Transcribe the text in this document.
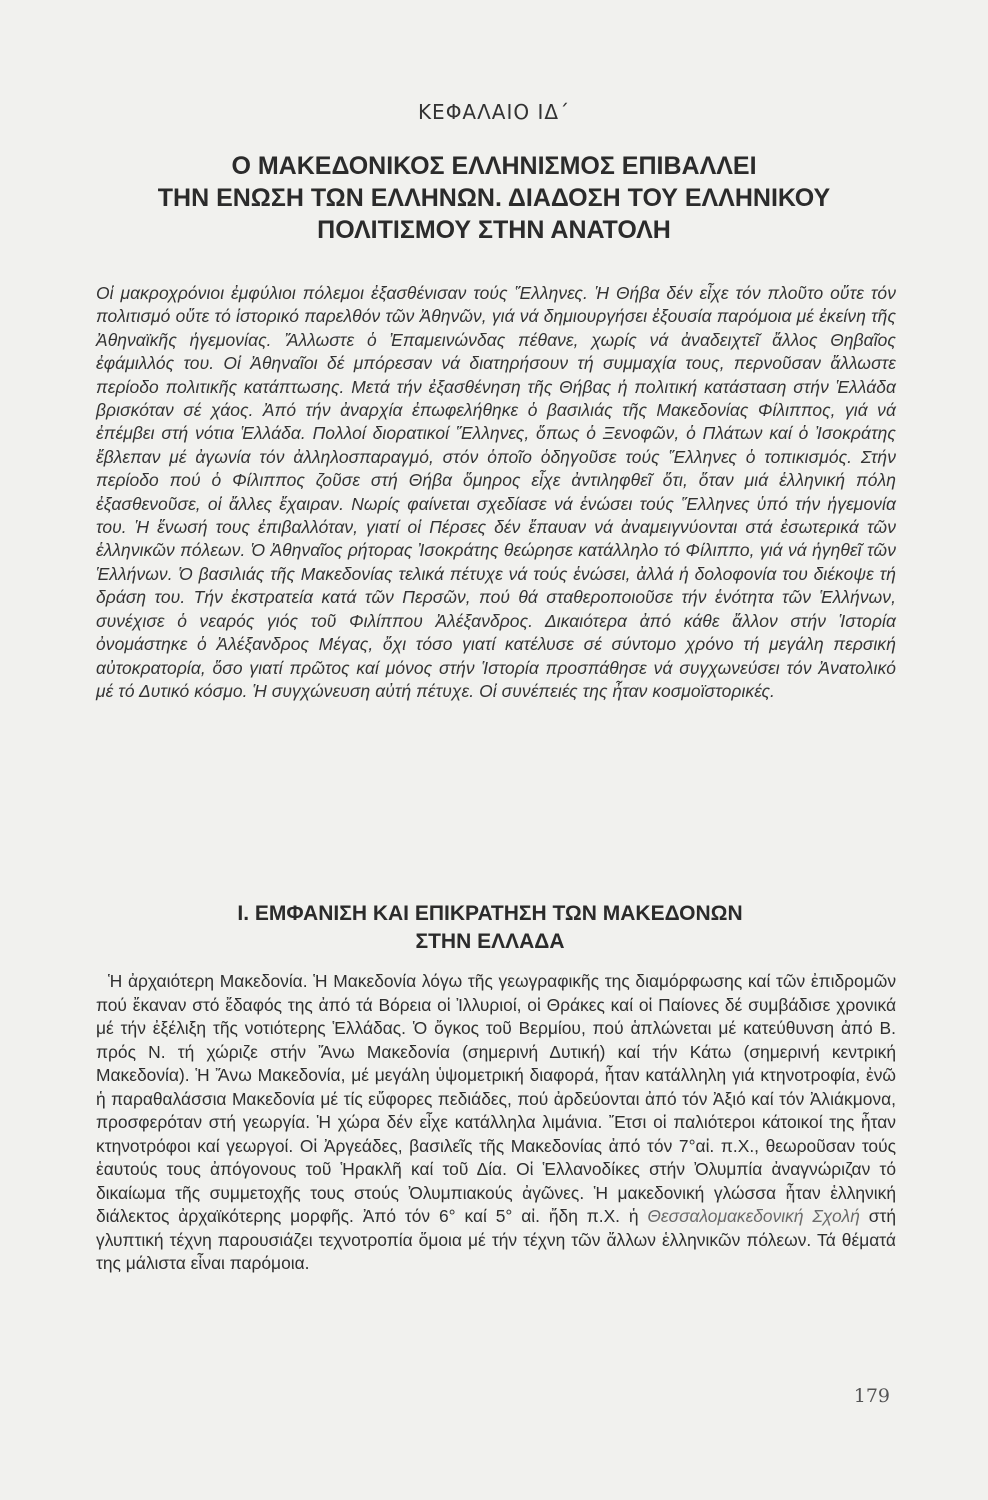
ΚΕΦΑΛΑΙΟ ΙΔ΄
Ο ΜΑΚΕΔΟΝΙΚΟΣ ΕΛΛΗΝΙΣΜΟΣ ΕΠΙΒΑΛΛΕΙ
ΤΗΝ ΕΝΩΣΗ ΤΩΝ ΕΛΛΗΝΩΝ. ΔΙΑΔΟΣΗ ΤΟΥ ΕΛΛΗΝΙΚΟΥ
ΠΟΛΙΤΙΣΜΟΥ ΣΤΗΝ ΑΝΑΤΟΛΗ
Οἱ μακροχρόνιοι ἐμφύλιοι πόλεμοι ἐξασθένισαν τούς Ἕλληνες. Ἡ Θήβα δέν εἶχε τόν πλοῦτο οὔτε τόν πολιτισμό οὔτε τό ἱστορικό παρελθόν τῶν Ἀθηνῶν, γιά νά δημιουργήσει ἐξουσία παρόμοια μέ ἐκείνη τῆς Ἀθηναϊκῆς ἡγεμονίας. Ἄλλωστε ὁ Ἐπαμεινώνδας πέθανε, χωρίς νά ἀναδειχτεῖ ἄλλος Θηβαῖος ἐφάμιλλός του. Οἱ Ἀθηναῖοι δέ μπόρεσαν νά διατηρήσουν τή συμμαχία τους, περνοῦσαν ἄλλωστε περίοδο πολιτικῆς κατάπτωσης. Μετά τήν ἐξασθένηση τῆς Θήβας ἡ πολιτική κατάσταση στήν Ἑλλάδα βρισκόταν σέ χάος. Ἀπό τήν ἀναρχία ἐπωφελήθηκε ὁ βασιλιάς τῆς Μακεδονίας Φίλιππος, γιά νά ἐπέμβει στή νότια Ἑλλάδα. Πολλοί διορατικοί Ἕλληνες, ὅπως ὁ Ξενοφῶν, ὁ Πλάτων καί ὁ Ἰσοκράτης ἔβλεπαν μέ ἀγωνία τόν ἀλληλοσπαραγμό, στόν ὁποῖο ὁδηγοῦσε τούς Ἕλληνες ὁ τοπικισμός. Στήν περίοδο πού ὁ Φίλιππος ζοῦσε στή Θήβα ὅμηρος εἶχε ἀντιληφθεῖ ὅτι, ὅταν μιά ἑλληνική πόλη ἐξασθενοῦσε, οἱ ἄλλες ἔχαιραν. Νωρίς φαίνεται σχεδίασε νά ἑνώσει τούς Ἕλληνες ὑπό τήν ἡγεμονία του. Ἡ ἕνωσή τους ἐπιβαλλόταν, γιατί οἱ Πέρσες δέν ἔπαυαν νά ἀναμειγνύονται στά ἐσωτερικά τῶν ἑλληνικῶν πόλεων. Ὁ Ἀθηναῖος ρήτορας Ἰσοκράτης θεώρησε κατάλληλο τό Φίλιππο, γιά νά ἡγηθεῖ τῶν Ἑλλήνων. Ὁ βασιλιάς τῆς Μακεδονίας τελικά πέτυχε νά τούς ἑνώσει, ἀλλά ἡ δολοφονία του διέκοψε τή δράση του. Τήν ἐκστρατεία κατά τῶν Περσῶν, πού θά σταθεροποιοῦσε τήν ἑνότητα τῶν Ἑλλήνων, συνέχισε ὁ νεαρός γιός τοῦ Φιλίππου Ἀλέξανδρος. Δικαιότερα ἀπό κάθε ἄλλον στήν Ἱστορία ὀνομάστηκε ὁ Ἀλέξανδρος Μέγας, ὄχι τόσο γιατί κατέλυσε σέ σύντομο χρόνο τή μεγάλη περσική αὐτοκρατορία, ὅσο γιατί πρῶτος καί μόνος στήν Ἱστορία προσπάθησε νά συγχωνεύσει τόν Ἀνατολικό μέ τό Δυτικό κόσμο. Ἡ συγχώνευση αὐτή πέτυχε. Οἱ συνέπειές της ἦταν κοσμοϊστορικές.
Ι. ΕΜΦΑΝΙΣΗ ΚΑΙ ΕΠΙΚΡΑΤΗΣΗ ΤΩΝ ΜΑΚΕΔΟΝΩΝ
ΣΤΗΝ ΕΛΛΑΔΑ
Ἡ ἀρχαιότερη Μακεδονία. Ἡ Μακεδονία λόγω τῆς γεωγραφικῆς της διαμόρφωσης καί τῶν ἐπιδρομῶν πού ἔκαναν στό ἔδαφός της ἀπό τά Βόρεια οἱ Ἰλλυριοί, οἱ Θράκες καί οἱ Παίονες δέ συμβάδισε χρονικά μέ τήν ἐξέλιξη τῆς νοτιότερης Ἑλλάδας. Ὁ ὄγκος τοῦ Βερμίου, πού ἁπλώνεται μέ κατεύθυνση ἀπό Β. πρός Ν. τή χώριζε στήν Ἄνω Μακεδονία (σημερινή Δυτική) καί τήν Κάτω (σημερινή κεντρική Μακεδονία). Ἡ Ἄνω Μακεδονία, μέ μεγάλη ὑψομετρική διαφορά, ἦταν κατάλληλη γιά κτηνοτροφία, ἐνῶ ἡ παραθαλάσσια Μακεδονία μέ τίς εὔφορες πεδιάδες, πού ἀρδεύονται ἀπό τόν Ἀξιό καί τόν Ἀλιάκμονα, προσφερόταν στή γεωργία. Ἡ χώρα δέν εἶχε κατάλληλα λιμάνια. Ἔτσι οἱ παλιότεροι κάτοικοί της ἦταν κτηνοτρόφοι καί γεωργοί. Οἱ Ἀργεάδες, βασιλεῖς τῆς Μακεδονίας ἀπό τόν 7°αἰ. π.Χ., θεωροῦσαν τούς ἑαυτούς τους ἀπόγονους τοῦ Ἡρακλῆ καί τοῦ Δία. Οἱ Ἑλλανοδίκες στήν Ὀλυμπία ἀναγνώριζαν τό δικαίωμα τῆς συμμετοχῆς τους στούς Ὀλυμπιακούς ἀγῶνες. Ἡ μακεδονική γλώσσα ἦταν ἑλληνική διάλεκτος ἀρχαϊκότερης μορφῆς. Ἀπό τόν 6° καί 5° αἰ. ἤδη π.Χ. ἡ Θεσσαλομακεδονική Σχολή στή γλυπτική τέχνη παρουσιάζει τεχνοτροπία ὅμοια μέ τήν τέχνη τῶν ἄλλων ἑλληνικῶν πόλεων. Τά θέματά της μάλιστα εἶναι παρόμοια.
179
